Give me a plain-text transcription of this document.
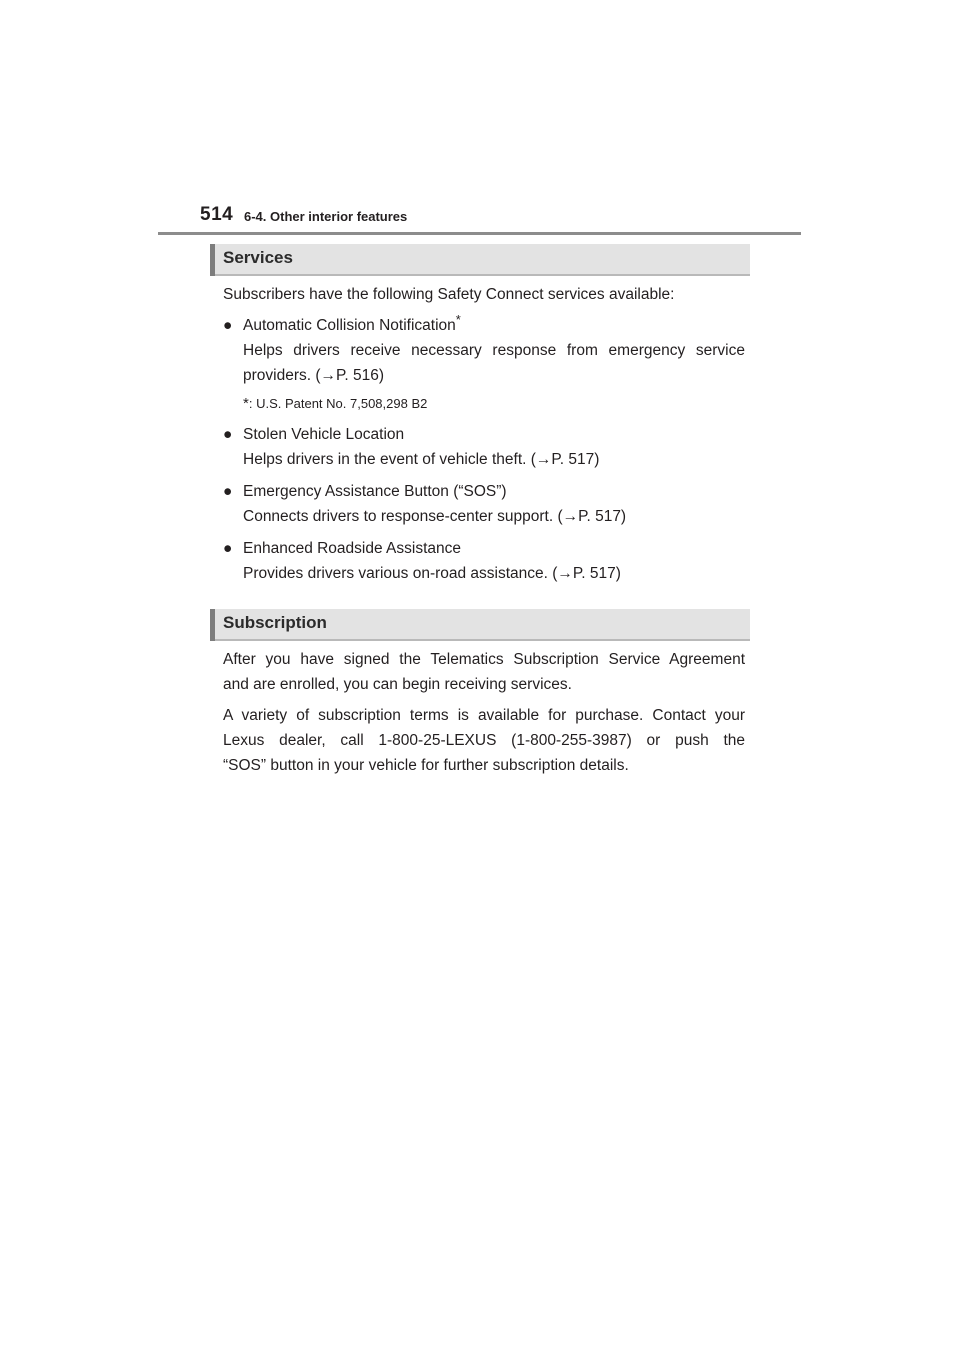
514 6-4. Other interior features
Services

Subscribers have the following Safety Connect services available:

● Automatic Collision Notification*
Helps drivers receive necessary response from emergency service
providers. (→P. 516)
*: U.S. Patent No. 7,508,298 B2
● Stolen Vehicle Location
Helps drivers in the event of vehicle theft. (→P. 517)
● Emergency Assistance Button (“SOS”)
Connects drivers to response-center support. (→P. 517)
● Enhanced Roadside Assistance
Provides drivers various on-road assistance. (→P. 517)
Subscription
After you have signed the Telematics Subscription Service Agreement
and are enrolled, you can begin receiving services.
A variety of subscription terms is available for purchase. Contact your
Lexus dealer, call 1-800-25-LEXUS (1-800-255-3987) or push the
“SOS” button in your vehicle for further subscription details.
